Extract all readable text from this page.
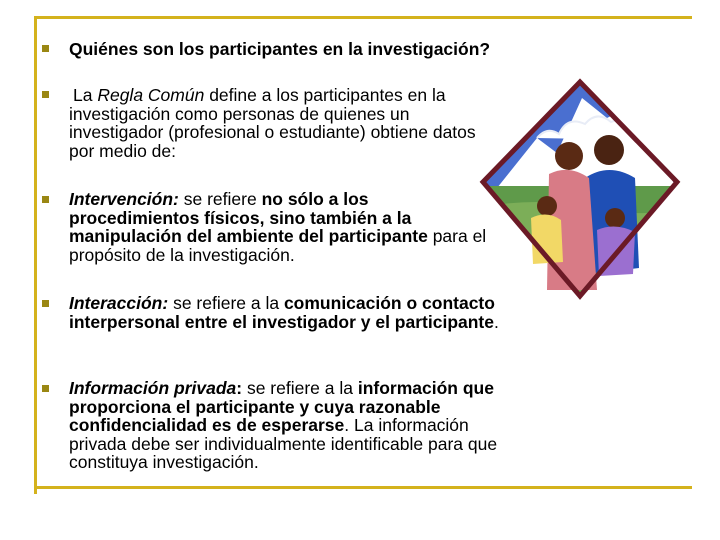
Quiénes son los participantes en la investigación?
La Regla Común define a los participantes en la investigación como personas de quienes un investigador (profesional o estudiante) obtiene datos por medio de:
Intervención: se refiere no sólo a los procedimientos físicos, sino también a la manipulación del ambiente del participante para el propósito de la investigación.
Interacción: se refiere a la comunicación o contacto interpersonal entre el investigador y el participante.
Información privada: se refiere a la información que proporciona el participante y cuya razonable confidencialidad es de esperarse. La información privada debe ser individualmente identificable para que constituya investigación.
